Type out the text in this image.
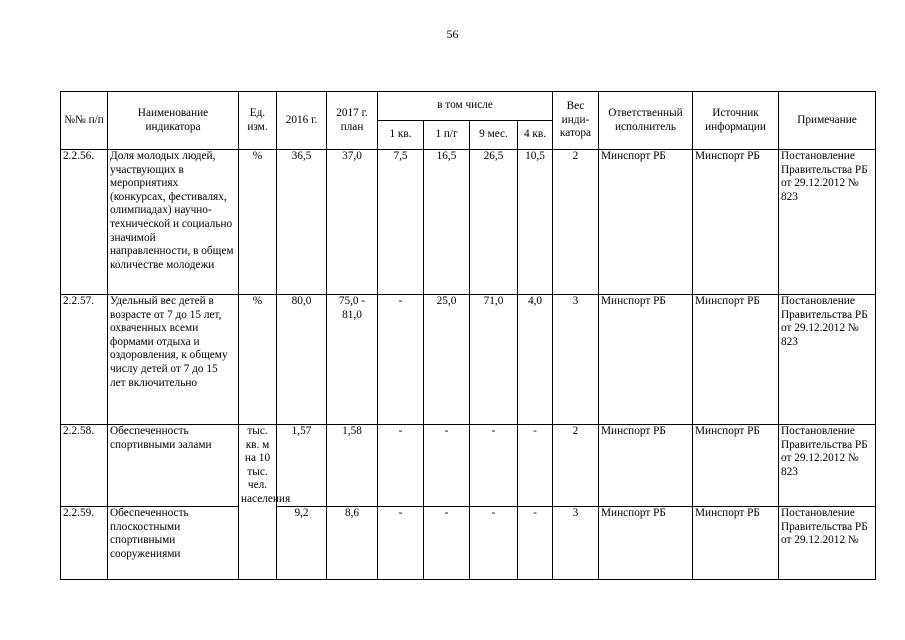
56
№№ п/п	Наименование индикатора	Ед. изм.	2016 г.	2017 г. план	в том числе				Вес инди-катора	Ответственный исполнитель	Источник информации	Примечание
					1 кв.	1 п/г	9 мес.	4 кв.				
2.2.56.	Доля молодых людей, участвующих в мероприятиях (конкурсах, фестивалях, олимпиадах) научно-технической и социально значимой направленности, в общем количестве молодежи	%	36,5	37,0	7,5	16,5	26,5	10,5	2	Минспорт РБ	Минспорт РБ	Постановление Правительства РБ от 29.12.2012 № 823
2.2.57.	Удельный вес детей в возрасте от 7 до 15 лет, охваченных всеми формами отдыха и оздоровления, к общему числу детей от 7 до 15 лет включительно	%	80,0	75,0 - 81,0	-	25,0	71,0	4,0	3	Минспорт РБ	Минспорт РБ	Постановление Правительства РБ от 29.12.2012 № 823
2.2.58.	Обеспеченность спортивными залами	тыс. кв. м на 10 тыс. чел. населения	1,57	1,58	-	-	-	-	2	Минспорт РБ	Минспорт РБ	Постановление Правительства РБ от 29.12.2012 № 823
2.2.59.	Обеспеченность плоскостными спортивными сооружениями		9,2	8,6	-	-	-	-	3	Минспорт РБ	Минспорт РБ	Постановление Правительства РБ от 29.12.2012 №
